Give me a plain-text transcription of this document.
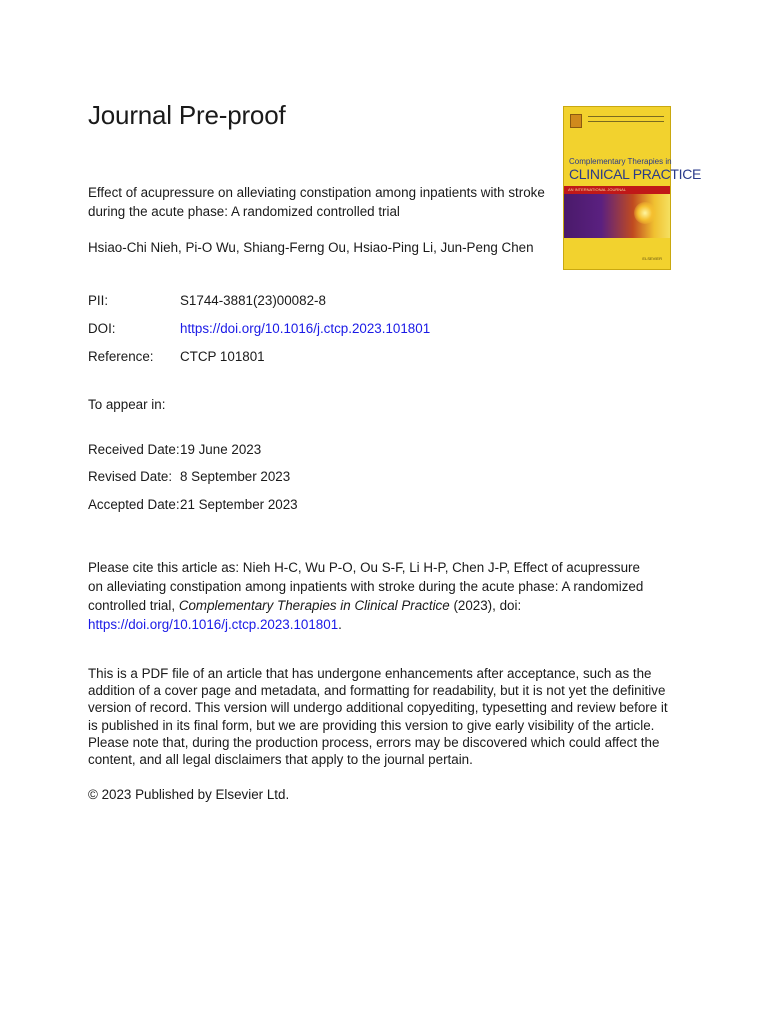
Journal Pre-proof

Effect of acupressure on alleviating constipation among inpatients with stroke during the acute phase: A randomized controlled trial

Hsiao-Chi Nieh, Pi-O Wu, Shiang-Ferng Ou, Hsiao-Ping Li, Jun-Peng Chen

Complementary Therapies in
CLINICAL PRACTICE
AN INTERNATIONAL JOURNAL
ELSEVIER
PII:	S1744-3881(23)00082-8
DOI:	https://doi.org/10.1016/j.ctcp.2023.101801
Reference:	CTCP 101801
To appear in:
Received Date: 19 June 2023
Revised Date: 8 September 2023
Accepted Date: 21 September 2023

Please cite this article as: Nieh H-C, Wu P-O, Ou S-F, Li H-P, Chen J-P, Effect of acupressure on alleviating constipation among inpatients with stroke during the acute phase: A randomized controlled trial, Complementary Therapies in Clinical Practice (2023), doi: https://doi.org/10.1016/j.ctcp.2023.101801.

This is a PDF file of an article that has undergone enhancements after acceptance, such as the addition of a cover page and metadata, and formatting for readability, but it is not yet the definitive version of record. This version will undergo additional copyediting, typesetting and review before it is published in its final form, but we are providing this version to give early visibility of the article. Please note that, during the production process, errors may be discovered which could affect the content, and all legal disclaimers that apply to the journal pertain.

© 2023 Published by Elsevier Ltd.
